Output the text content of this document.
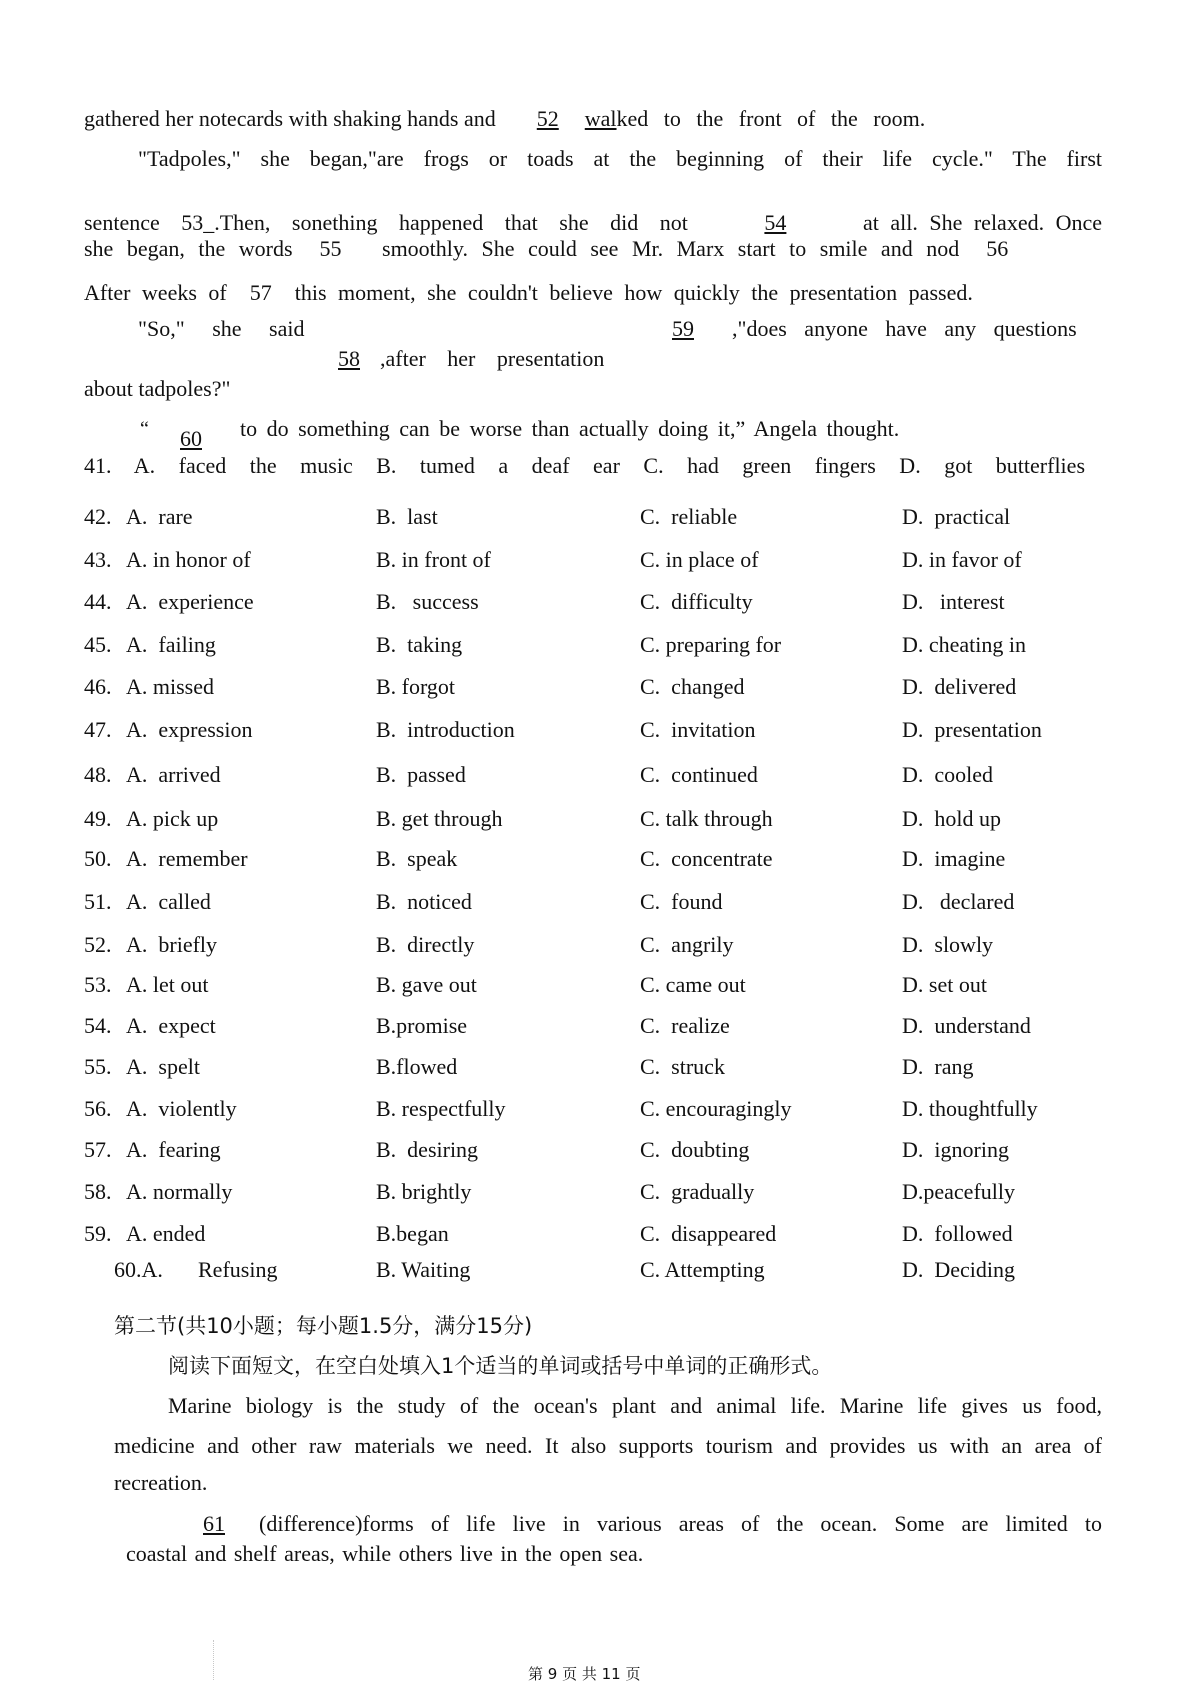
gathered her notecards with shaking hands and 52 walked to the front of the room.
"Tadpoles," she began,"are frogs or toads at the beginning of their life cycle." The first
sentence 53_.Then, sonething happened that she did not	54	at all. She relaxed. Once
she began, the words  55   smoothly. She could see Mr. Marx start to smile and nod  56
After weeks of  57  this moment, she couldn't believe how quickly the presentation passed.
"So," she said	59 ,"does anyone have any questions
58 ,after her presentation
about tadpoles?"
“ 60 to do something can be worse than actually doing it,” Angela thought.
41. A. faced the music B. tumed a deaf ear C. had green fingers D. got butterflies
42. A.  rare	B.  last	C.  reliable	D.  practical
43. A. in honor of	B. in front of	C. in place of	D. in favor of
44. A.  experience	B.   success	C.  difficulty	D.   interest
45. A.  failing	B.  taking	C. preparing for	D. cheating in
46. A. missed	B. forgot	C.  changed	D.  delivered
47. A.  expression	B.  introduction	C.  invitation	D.  presentation
48. A.  arrived	B.  passed	C.  continued	D.  cooled
49. A. pick up	B. get through	C. talk through	D.  hold up
50. A.  remember	B.  speak	C.  concentrate	D.  imagine
51. A.  called	B.  noticed	C.  found	D.   declared
52. A.  briefly	B.  directly	C.  angrily	D.  slowly
53. A. let out	B. gave out	C. came out	D. set out
54. A.  expect	B.promise	C.  realize	D.  understand
55. A.  spelt	B.flowed	C.  struck	D.  rang
56. A.  violently	B. respectfully	C. encouragingly	D. thoughtfully
57. A.  fearing	B.  desiring	C.  doubting	D.  ignoring
58. A. normally	B. brightly	C.  gradually	D.peacefully
59. A. ended	B.began	C.  disappeared	D.  followed
60.A. Refusing	B. Waiting	C. Attempting	D.  Deciding
第二节(共10小题；每小题1.5分，满分15分)
阅读下面短文，在空白处填入1个适当的单词或括号中单词的正确形式。
Marine biology is the study of the ocean's plant and animal life. Marine life gives us food,
medicine and other raw materials we need. It also supports tourism and provides us with an area of
recreation.
61	(difference)forms of life live in various areas of the ocean. Some are limited to
coastal and shelf areas, while others live in the open sea.
第 9 页 共 11 页
